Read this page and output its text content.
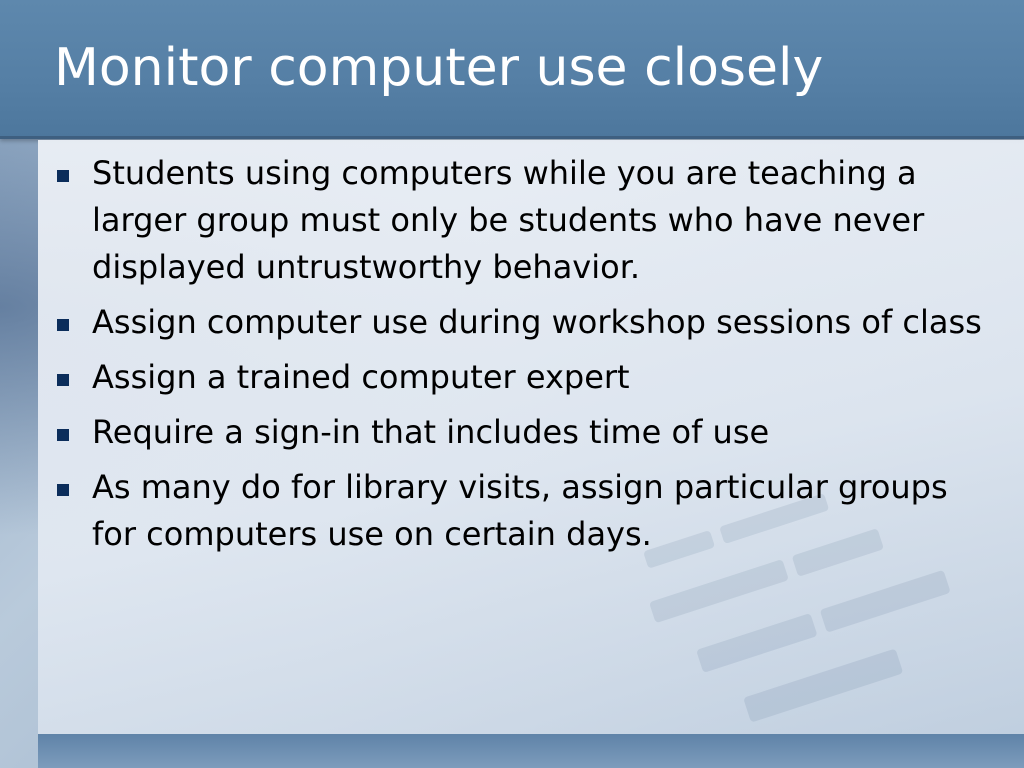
Monitor computer use closely
Students using computers while you are teaching a larger group must only be students who have never displayed untrustworthy behavior.
Assign computer use during workshop sessions of class
Assign a trained computer expert
Require a sign-in that includes time of use
As many do for library visits, assign particular groups for computers use on certain days.
